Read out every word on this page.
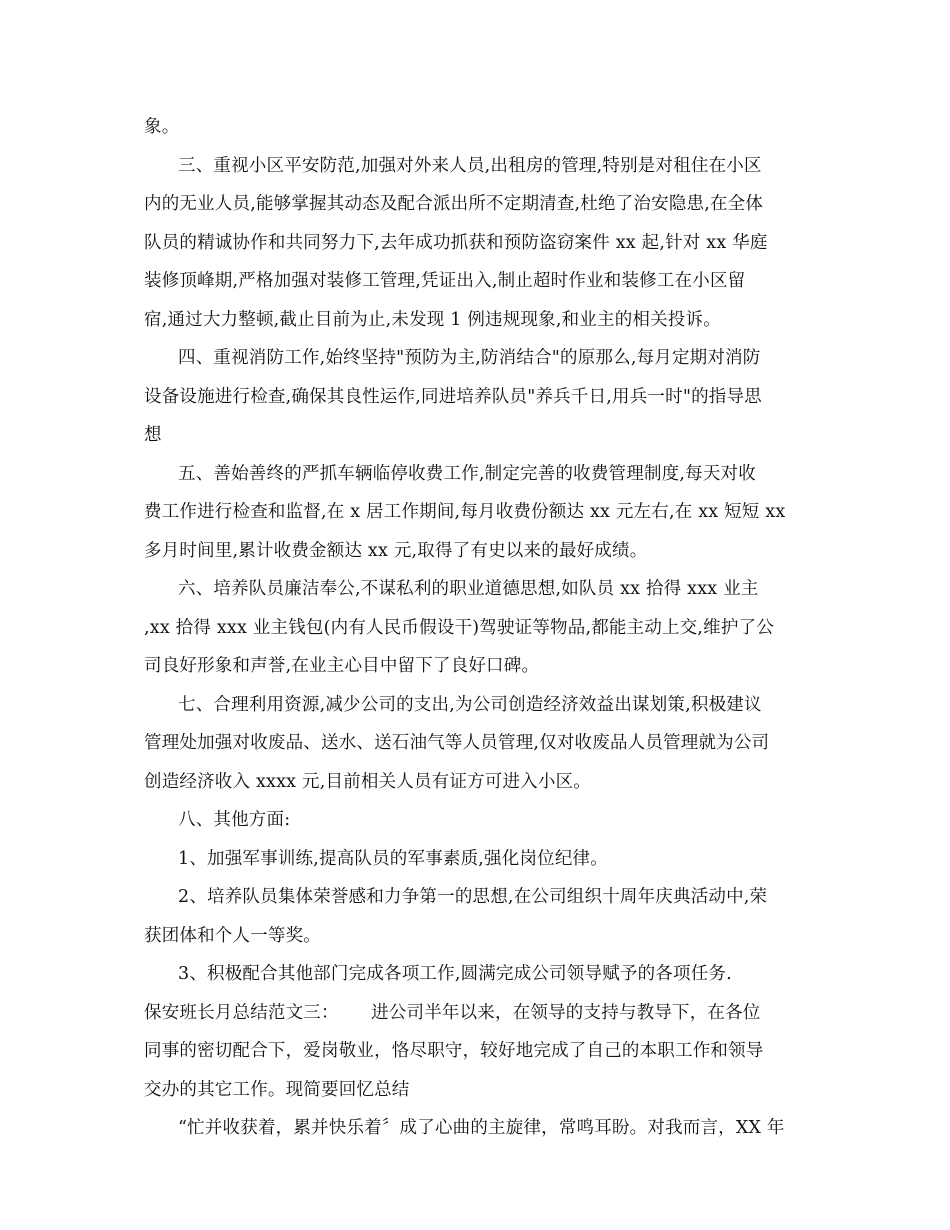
象。
三、重视小区平安防范,加强对外来人员,出租房的管理,特别是对租住在小区
内的无业人员,能够掌握其动态及配合派出所不定期清查,杜绝了治安隐患,在全体
队员的精诚协作和共同努力下,去年成功抓获和预防盗窃案件 xx 起,针对 xx 华庭
装修顶峰期,严格加强对装修工管理,凭证出入,制止超时作业和装修工在小区留
宿,通过大力整顿,截止目前为止,未发现 1 例违规现象,和业主的相关投诉。
四、重视消防工作,始终坚持"预防为主,防消结合"的原那么,每月定期对消防
设备设施进行检查,确保其良性运作,同进培养队员"养兵千日,用兵一时"的指导思
想
五、善始善终的严抓车辆临停收费工作,制定完善的收费管理制度,每天对收
费工作进行检查和监督,在 x 居工作期间,每月收费份额达 xx 元左右,在 xx 短短 xx
多月时间里,累计收费金额达 xx 元,取得了有史以来的最好成绩。
六、培养队员廉洁奉公,不谋私利的职业道德思想,如队员 xx 拾得 xxx 业主
,xx 拾得 xxx 业主钱包(内有人民币假设干)驾驶证等物品,都能主动上交,维护了公
司良好形象和声誉,在业主心目中留下了良好口碑。
七、合理利用资源,减少公司的支出,为公司创造经济效益出谋划策,积极建议
管理处加强对收废品、送水、送石油气等人员管理,仅对收废品人员管理就为公司
创造经济收入 xxxx 元,目前相关人员有证方可进入小区。
八、其他方面:
1、加强军事训练,提高队员的军事素质,强化岗位纪律。
2、培养队员集体荣誉感和力争第一的思想,在公司组织十周年庆典活动中,荣
获团体和个人一等奖。
3、积极配合其他部门完成各项工作,圆满完成公司领导赋予的各项任务.
保安班长月总结范文三：　　 进公司半年以来，在领导的支持与教导下，在各位
同事的密切配合下，爱岗敬业，恪尽职守，较好地完成了自己的本职工作和领导
交办的其它工作。现简要回忆总结
“忙并收获着，累并快乐着〞成了心曲的主旋律，常鸣耳盼。对我而言，XX 年
